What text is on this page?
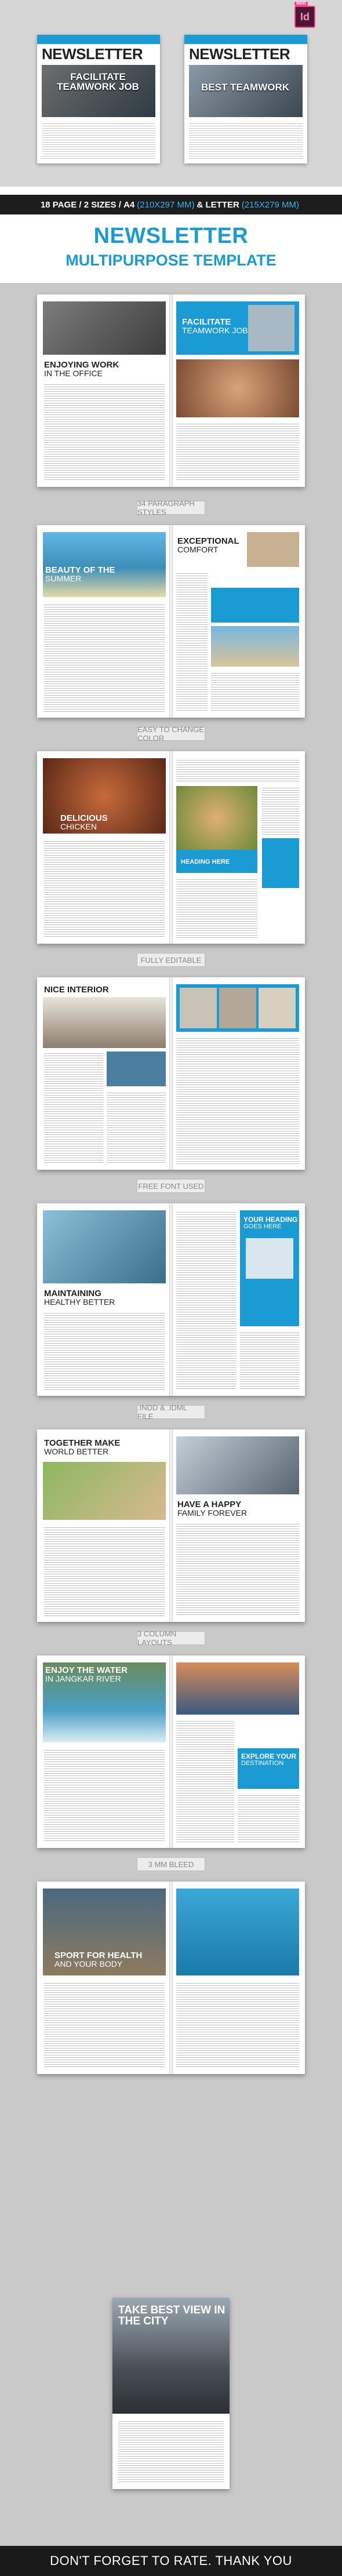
INDD
Id
NEWSLETTER
FACILITATE TEAMWORK JOB
NEWSLETTER
BEST TEAMWORK
18 PAGE / 2 SIZES /
A4 (210X297 MM) & LETTER (215X279 MM)
NEWSLETTER
MULTIPURPOSE TEMPLATE
ENJOYING WORK
IN THE OFFICE
FACILITATE
TEAMWORK JOB
34 PARAGRAPH STYLES
BEAUTY OF THE
SUMMER
EXCEPTIONAL
COMFORT
EASY TO CHANGE COLOR
DELICIOUS
CHICKEN
HEADING HERE
FULLY EDITABLE
NICE INTERIOR
FREE FONT USED
MAINTAINING
HEALTHY BETTER
YOUR HEADING
GOES HERE
.INDD & .IDML FILE
TOGETHER MAKE
WORLD BETTER
HAVE A HAPPY
FAMILY FOREVER
3 COLUMN LAYOUTS
ENJOY THE WATER
IN JANGKAR RIVER
EXPLORE YOUR
DESTINATION
3 MM BLEED
SPORT FOR HEALTH
AND YOUR BODY
TAKE BEST VIEW IN THE CITY
DON'T FORGET TO RATE. THANK YOU
